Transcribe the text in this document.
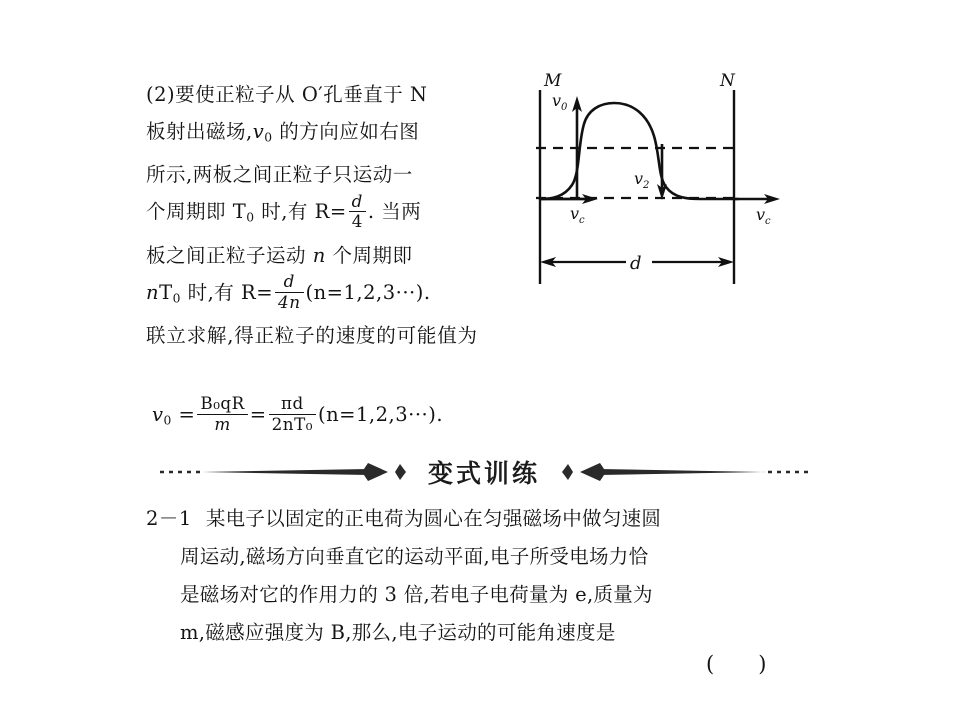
(2)要使正粒子从 O′孔垂直于 N
板射出磁场$,v_0$ 的方向应如右图
所示,两板之间正粒子只运动一
个周期即 $T_0$ 时,有 $R= \frac{d}{4}$ . 当两
板之间正粒子运动 n 个周期即
$nT_0$ 时,有 $R= \frac{d}{4n} (n=1,2,3\cdot\cdot\cdot)$.
联立求解,得正粒子的速度的可能值为
$v_0 = \frac{\text{B₀qR}}{m} = \frac{\pi d}{\text{2nT₀}} (n=1,2,3\cdot\cdot\cdot)$.
$v_0$
$v_2$
$v_c$	$v_c$
d
M	N
变式训练
2－1 某电子以固定的正电荷为圆心在匀强磁场中做匀速圆
周运动,磁场方向垂直它的运动平面,电子所受电场力恰
是磁场对它的作用力的 3 倍,若电子电荷量为 e,质量为
m,磁感应强度为 B,那么,电子运动的可能角速度是
()
